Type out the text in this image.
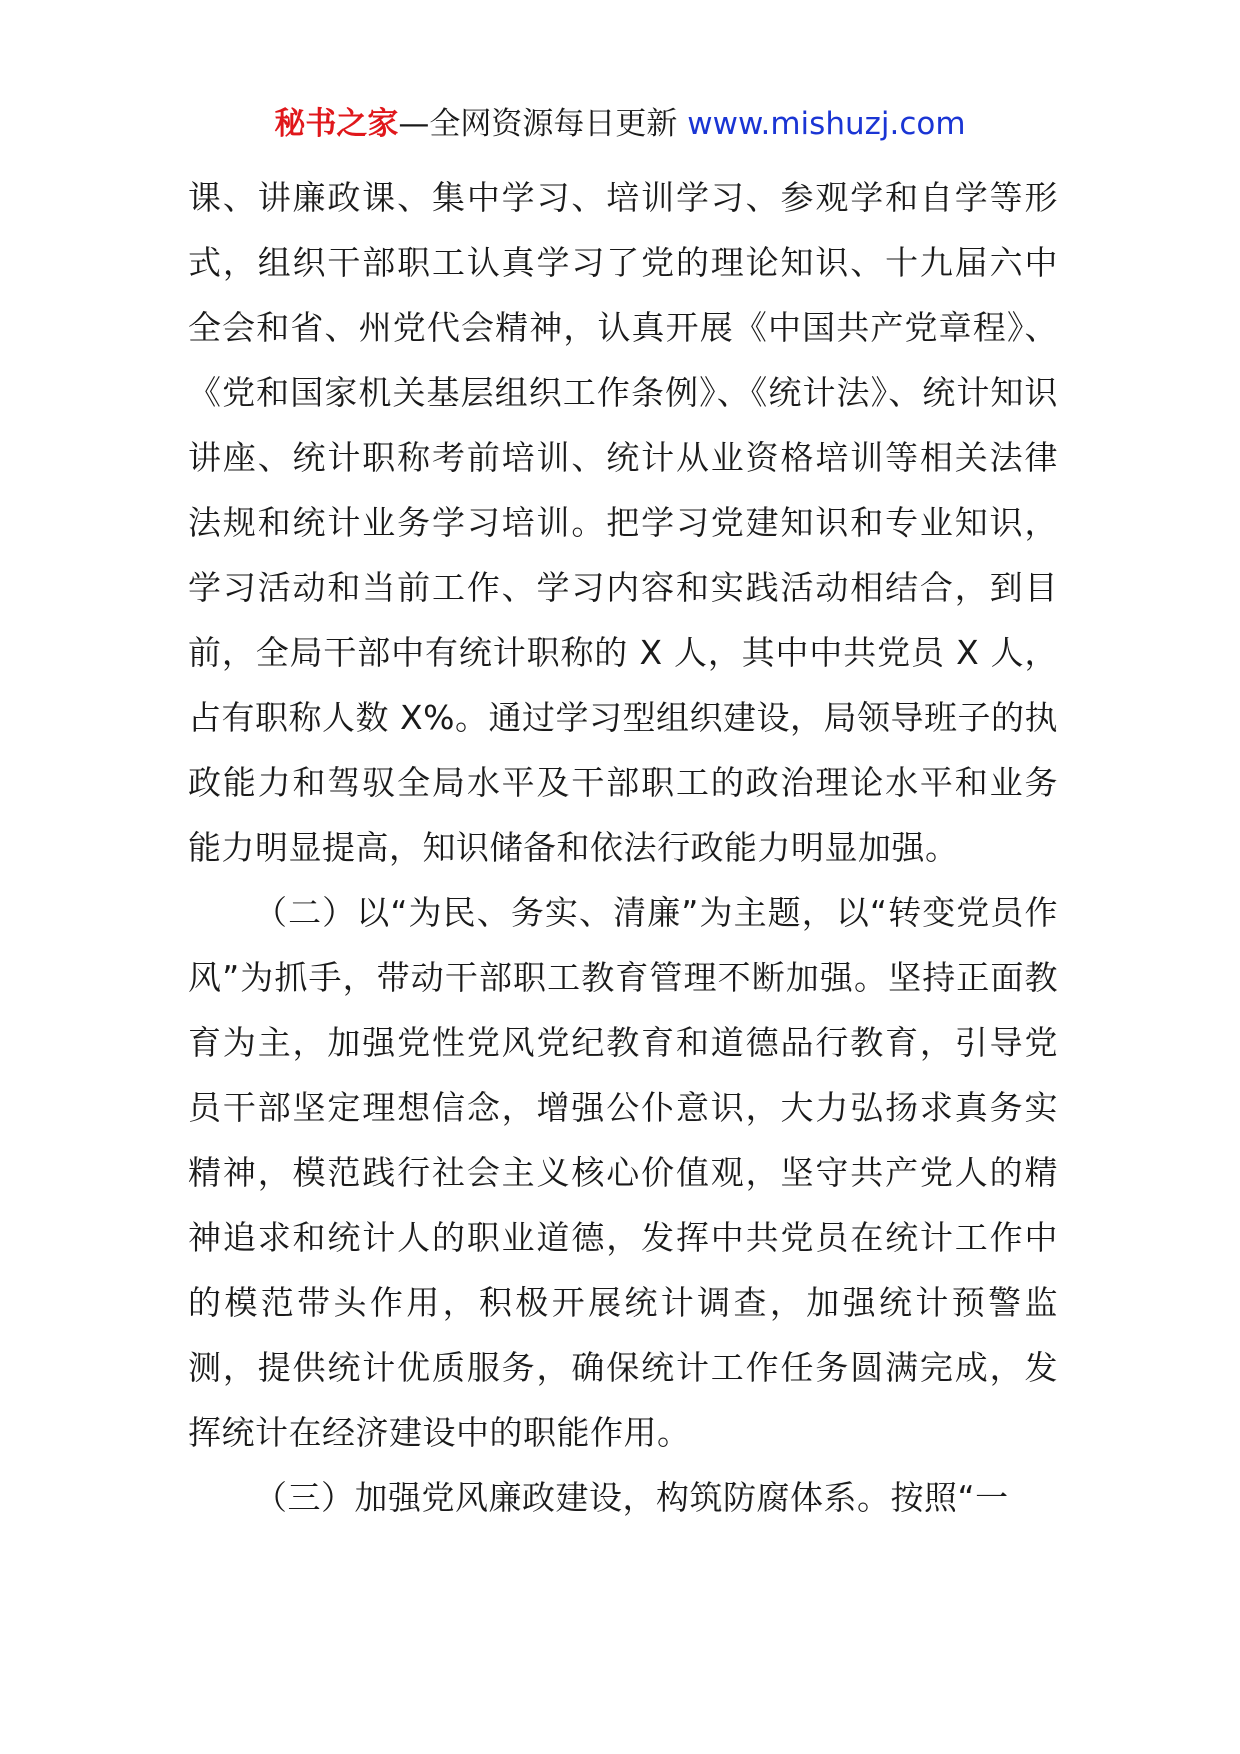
秘书之家—全网资源每日更新 www.mishuzj.com

课、讲廉政课、集中学习、培训学习、参观学和自学等形式，组织干部职工认真学习了党的理论知识、十九届六中全会和省、州党代会精神，认真开展《中国共产党章程》、《党和国家机关基层组织工作条例》、《统计法》、统计知识讲座、统计职称考前培训、统计从业资格培训等相关法律法规和统计业务学习培训。把学习党建知识和专业知识，学习活动和当前工作、学习内容和实践活动相结合，到目前，全局干部中有统计职称的 X 人，其中中共党员 X 人，占有职称人数 X%。通过学习型组织建设，局领导班子的执政能力和驾驭全局水平及干部职工的政治理论水平和业务能力明显提高，知识储备和依法行政能力明显加强。

（二）以“为民、务实、清廉”为主题，以“转变党员作风”为抓手，带动干部职工教育管理不断加强。坚持正面教育为主，加强党性党风党纪教育和道德品行教育，引导党员干部坚定理想信念，增强公仆意识，大力弘扬求真务实精神，模范践行社会主义核心价值观，坚守共产党人的精神追求和统计人的职业道德，发挥中共党员在统计工作中的模范带头作用，积极开展统计调查，加强统计预警监测，提供统计优质服务，确保统计工作任务圆满完成，发挥统计在经济建设中的职能作用。

（三）加强党风廉政建设，构筑防腐体系。按照“一
